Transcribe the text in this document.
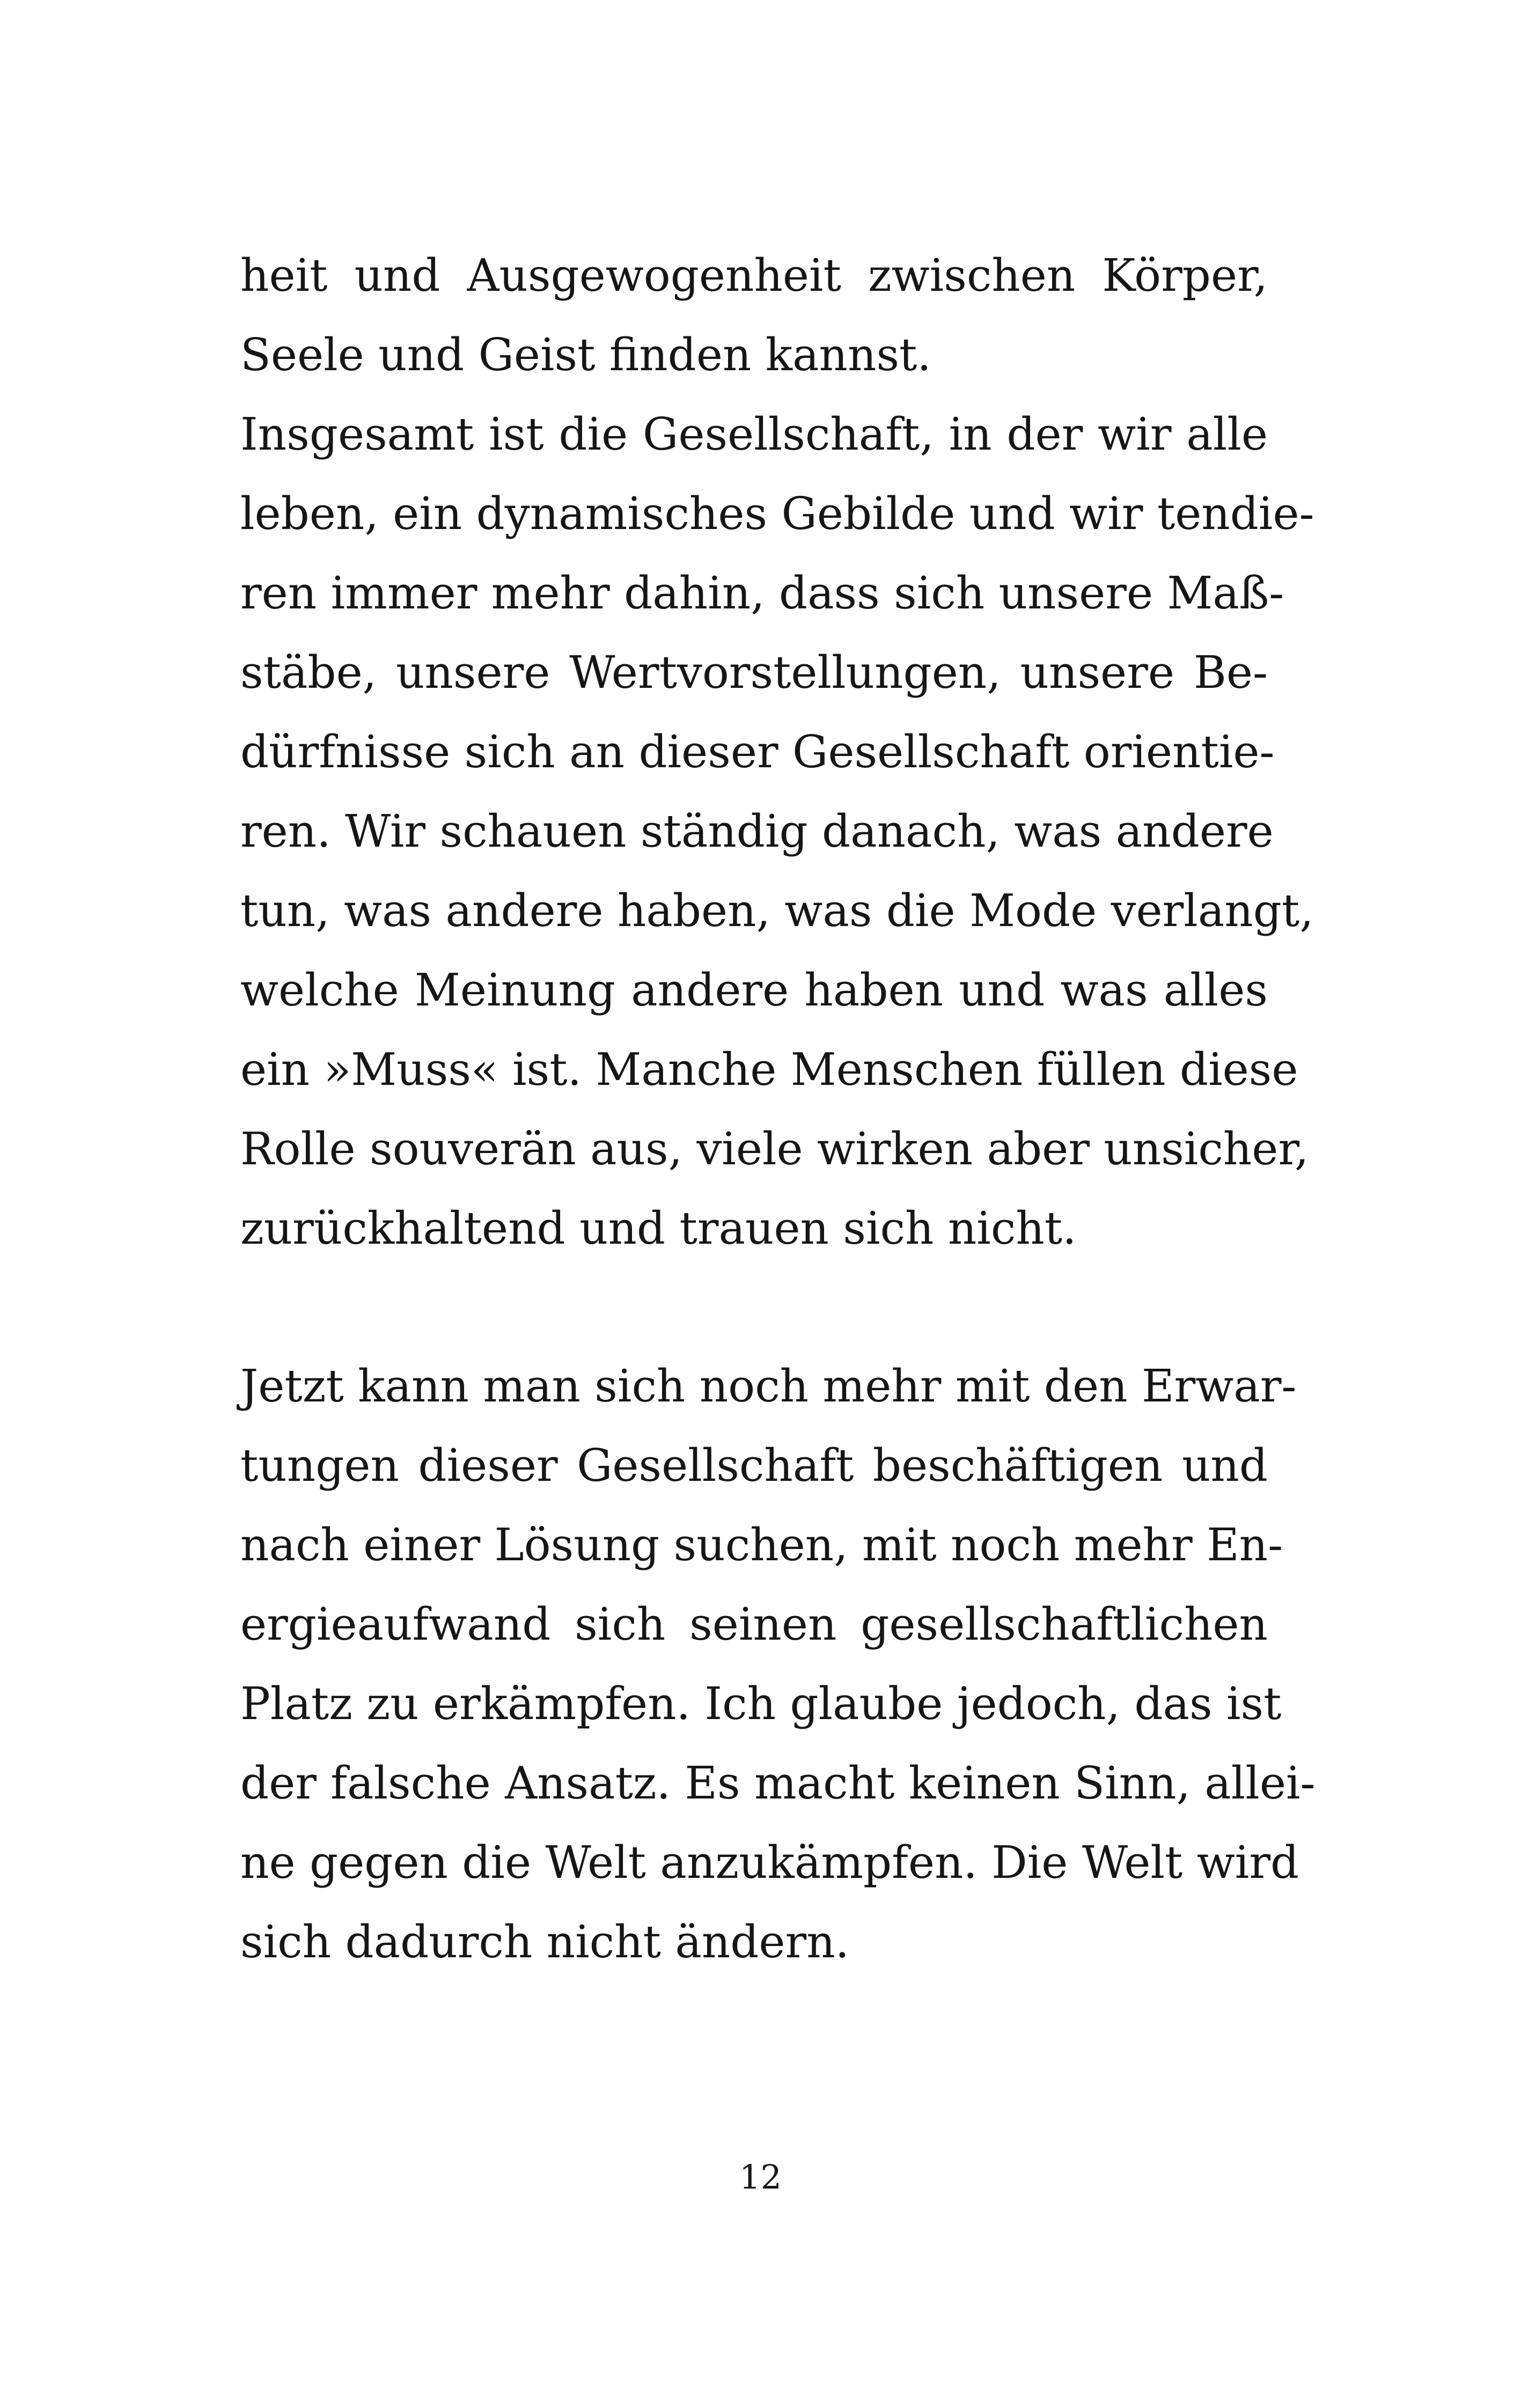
heit und Ausgewogenheit zwischen Körper,
Seele und Geist finden kannst.
Insgesamt ist die Gesellschaft, in der wir alle
leben, ein dynamisches Gebilde und wir tendie-
ren immer mehr dahin, dass sich unsere Maß-
stäbe, unsere Wertvorstellungen, unsere Be-
dürfnisse sich an dieser Gesellschaft orientie-
ren. Wir schauen ständig danach, was andere
tun, was andere haben, was die Mode verlangt,
welche Meinung andere haben und was alles
ein »Muss« ist. Manche Menschen füllen diese
Rolle souverän aus, viele wirken aber unsicher,
zurückhaltend und trauen sich nicht.
Jetzt kann man sich noch mehr mit den Erwar-
tungen dieser Gesellschaft beschäftigen und
nach einer Lösung suchen, mit noch mehr En-
ergieaufwand sich seinen gesellschaftlichen
Platz zu erkämpfen. Ich glaube jedoch, das ist
der falsche Ansatz. Es macht keinen Sinn, allei-
ne gegen die Welt anzukämpfen. Die Welt wird
sich dadurch nicht ändern.
12
